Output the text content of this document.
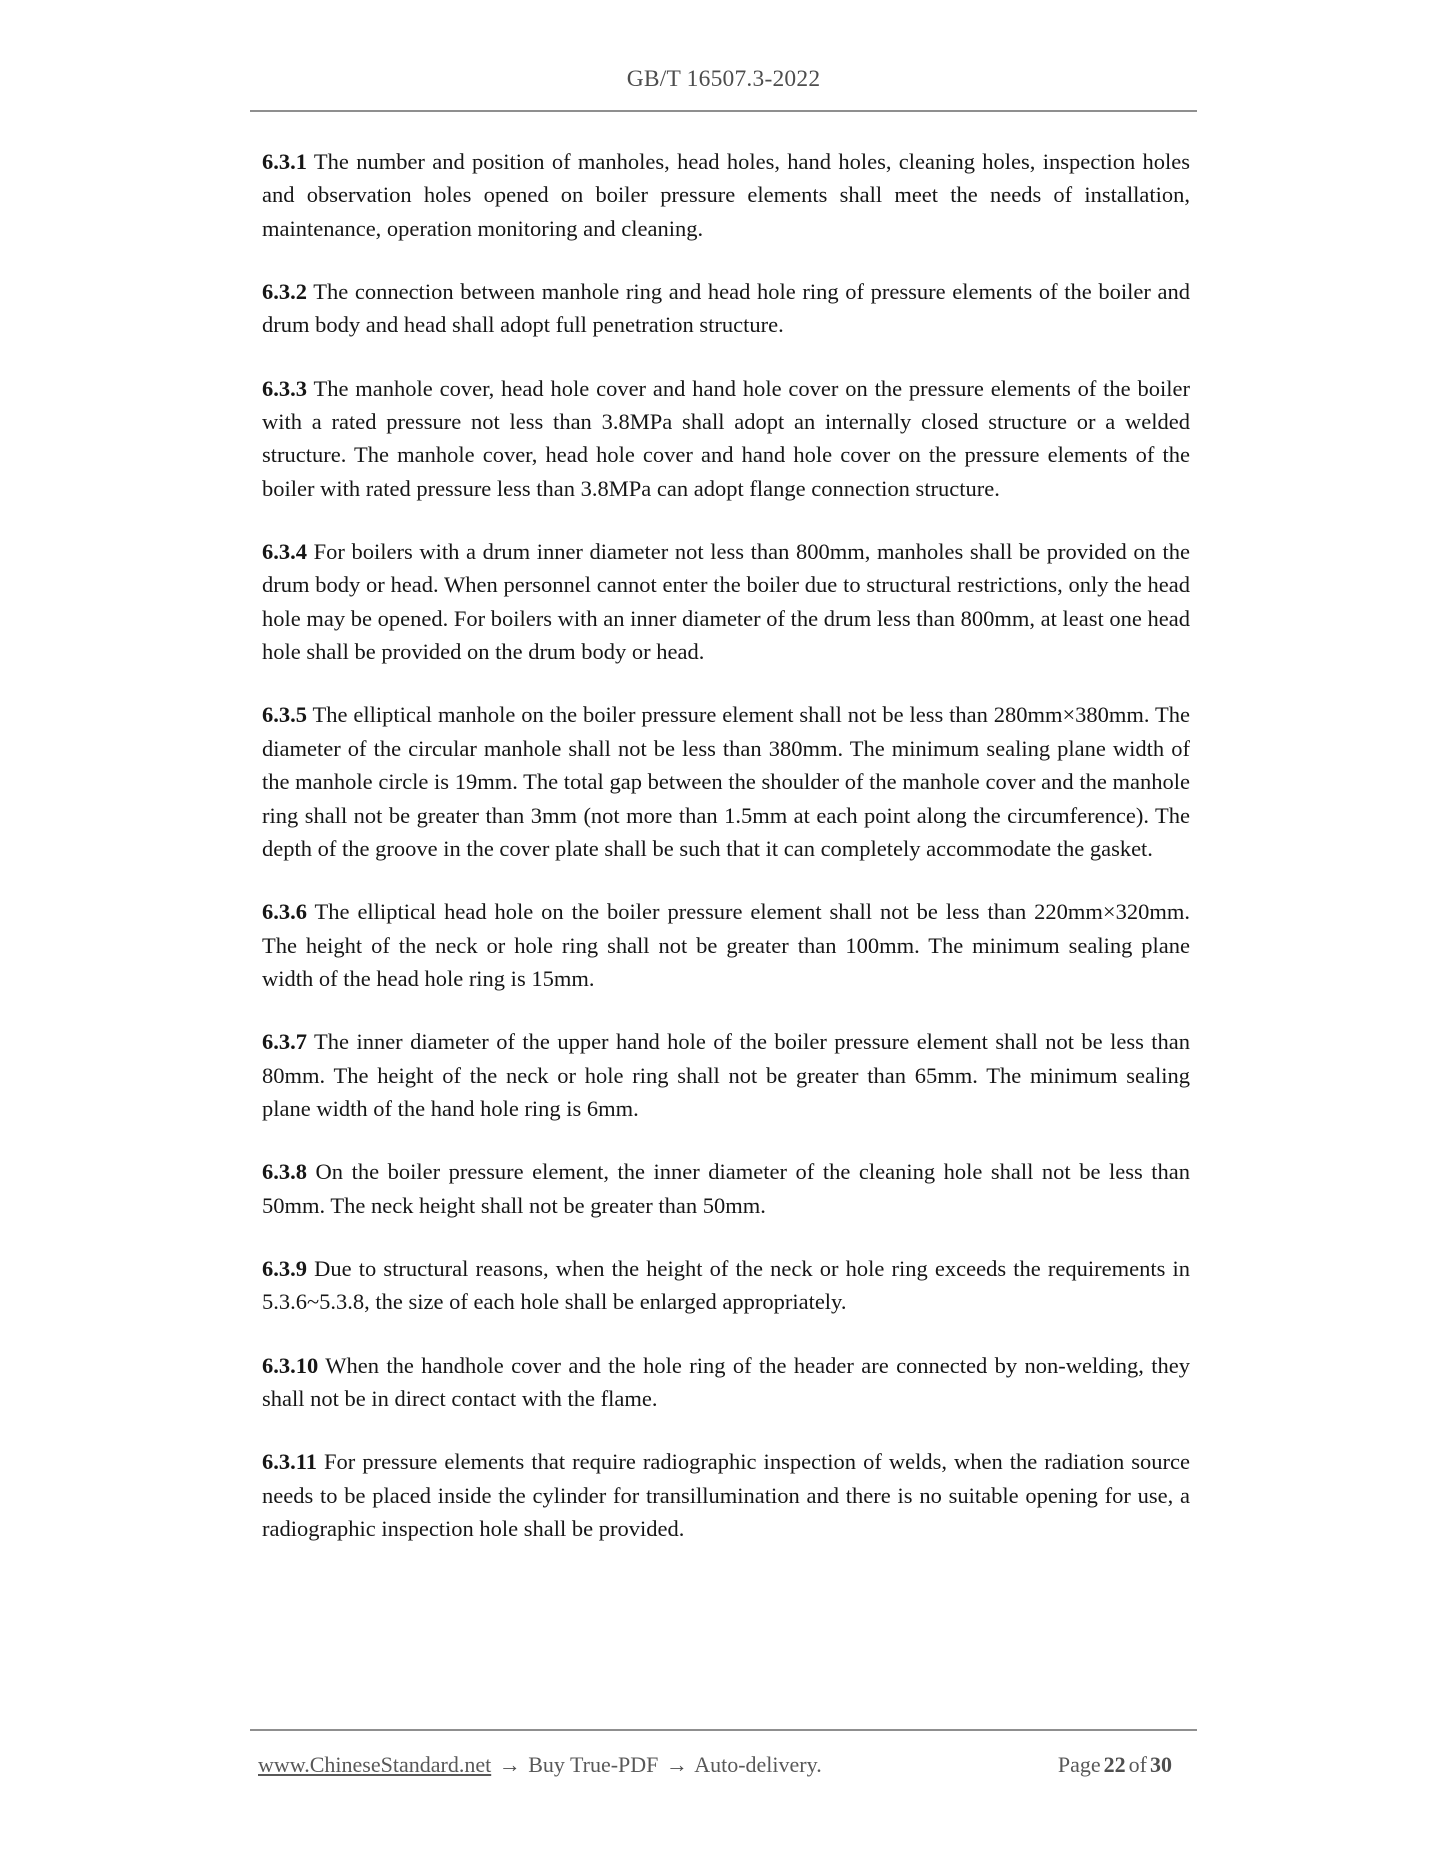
GB/T 16507.3-2022

6.3.1 The number and position of manholes, head holes, hand holes, cleaning holes, inspection holes and observation holes opened on boiler pressure elements shall meet the needs of installation, maintenance, operation monitoring and cleaning.

6.3.2 The connection between manhole ring and head hole ring of pressure elements of the boiler and drum body and head shall adopt full penetration structure.

6.3.3 The manhole cover, head hole cover and hand hole cover on the pressure elements of the boiler with a rated pressure not less than 3.8MPa shall adopt an internally closed structure or a welded structure. The manhole cover, head hole cover and hand hole cover on the pressure elements of the boiler with rated pressure less than 3.8MPa can adopt flange connection structure.

6.3.4 For boilers with a drum inner diameter not less than 800mm, manholes shall be provided on the drum body or head. When personnel cannot enter the boiler due to structural restrictions, only the head hole may be opened. For boilers with an inner diameter of the drum less than 800mm, at least one head hole shall be provided on the drum body or head.

6.3.5 The elliptical manhole on the boiler pressure element shall not be less than 280mm×380mm. The diameter of the circular manhole shall not be less than 380mm. The minimum sealing plane width of the manhole circle is 19mm. The total gap between the shoulder of the manhole cover and the manhole ring shall not be greater than 3mm (not more than 1.5mm at each point along the circumference). The depth of the groove in the cover plate shall be such that it can completely accommodate the gasket.

6.3.6 The elliptical head hole on the boiler pressure element shall not be less than 220mm×320mm. The height of the neck or hole ring shall not be greater than 100mm. The minimum sealing plane width of the head hole ring is 15mm.

6.3.7 The inner diameter of the upper hand hole of the boiler pressure element shall not be less than 80mm. The height of the neck or hole ring shall not be greater than 65mm. The minimum sealing plane width of the hand hole ring is 6mm.

6.3.8 On the boiler pressure element, the inner diameter of the cleaning hole shall not be less than 50mm. The neck height shall not be greater than 50mm.

6.3.9 Due to structural reasons, when the height of the neck or hole ring exceeds the requirements in 5.3.6~5.3.8, the size of each hole shall be enlarged appropriately.

6.3.10 When the handhole cover and the hole ring of the header are connected by non-welding, they shall not be in direct contact with the flame.

6.3.11 For pressure elements that require radiographic inspection of welds, when the radiation source needs to be placed inside the cylinder for transillumination and there is no suitable opening for use, a radiographic inspection hole shall be provided.

www.ChineseStandard.net → Buy True-PDF → Auto-delivery.	Page 22 of 30
